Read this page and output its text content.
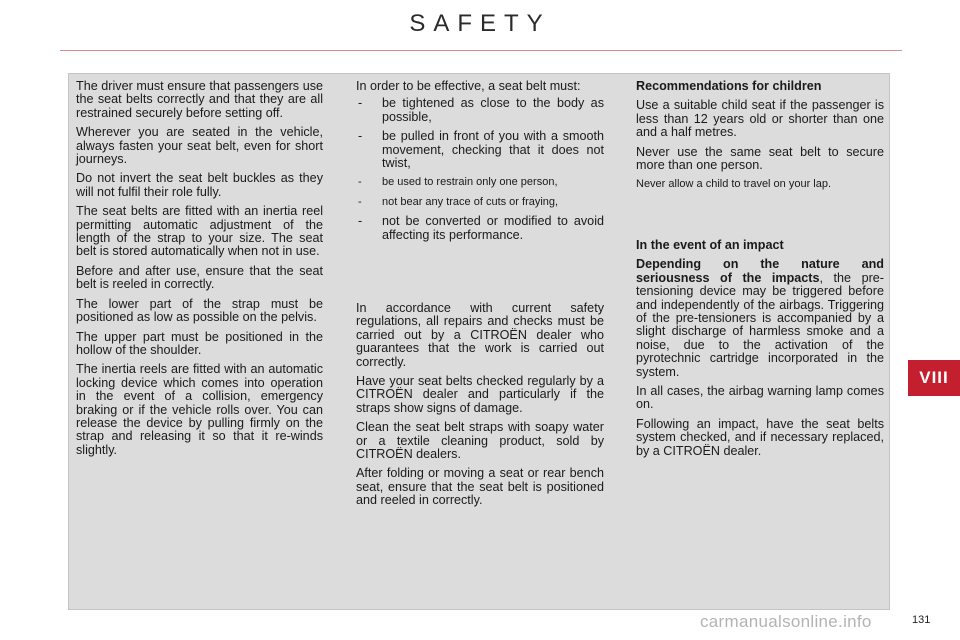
SAFETY

The driver must ensure that passengers use the seat belts correctly and that they are all restrained securely before setting off.

Wherever you are seated in the vehicle, always fasten your seat belt, even for short journeys.

Do not invert the seat belt buckles as they will not fulfil their role fully.

The seat belts are fitted with an inertia reel permitting automatic adjustment of the length of the strap to your size. The seat belt is stored automatically when not in use.

Before and after use, ensure that the seat belt is reeled in correctly.

The lower part of the strap must be positioned as low as possible on the pelvis.

The upper part must be positioned in the hollow of the shoulder.

The inertia reels are fitted with an automatic locking device which comes into operation in the event of a collision, emergency braking or if the vehicle rolls over. You can release the device by pulling firmly on the strap and releasing it so that it re-winds slightly.

In order to be effective, a seat belt must:

- be tightened as close to the body as possible,
- be pulled in front of you with a smooth movement, checking that it does not twist,
- be used to restrain only one person,
- not bear any trace of cuts or fraying,
- not be converted or modified to avoid affecting its performance.

In accordance with current safety regulations, all repairs and checks must be carried out by a CITROËN dealer who guarantees that the work is carried out correctly.

Have your seat belts checked regularly by a CITROËN dealer and particularly if the straps show signs of damage.

Clean the seat belt straps with soapy water or a textile cleaning product, sold by CITROËN dealers.

After folding or moving a seat or rear bench seat, ensure that the seat belt is positioned and reeled in correctly.

Recommendations for children

Use a suitable child seat if the passenger is less than 12 years old or shorter than one and a half metres.

Never use the same seat belt to secure more than one person.

Never allow a child to travel on your lap.

In the event of an impact

Depending on the nature and seriousness of the impacts, the pre-tensioning device may be triggered before and independently of the airbags. Triggering of the pre-tensioners is accompanied by a slight discharge of harmless smoke and a noise, due to the activation of the pyrotechnic cartridge incorporated in the system.

In all cases, the airbag warning lamp comes on.

Following an impact, have the seat belts system checked, and if necessary replaced, by a CITROËN dealer.

VIII
131
carmanualsonline.info
